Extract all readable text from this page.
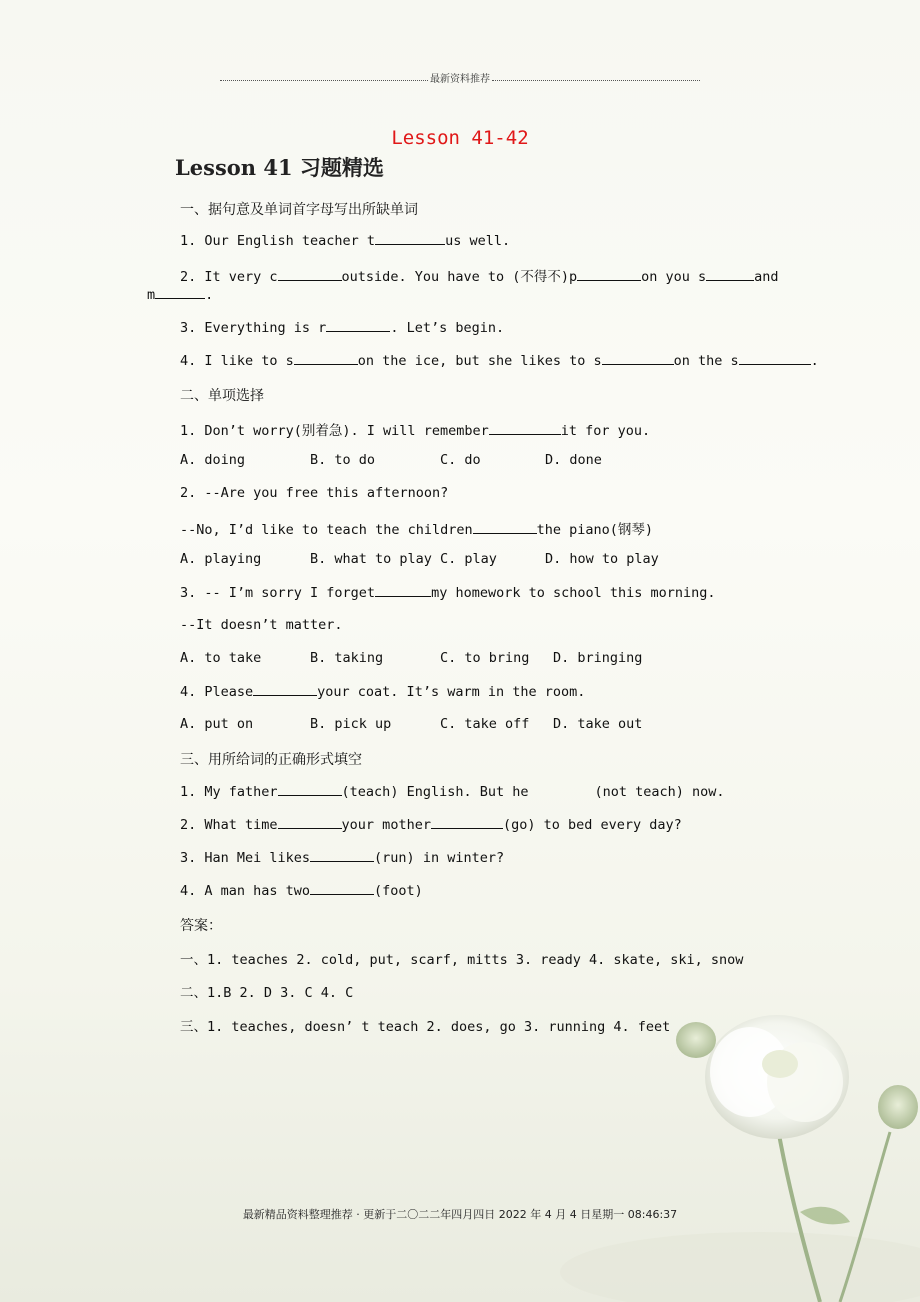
最新资料推荐
Lesson 41-42
Lesson 41 习题精选
一、据句意及单词首字母写出所缺单词
1. Our English teacher t	us well.
2. It very c	outside. You have to (不得不)p	on you s	and
m	.
3. Everything is r	. Let’s begin.
4. I like to s	on the ice, but she likes to s	on the s	.
二、单项选择
1. Don’t worry(别着急). I will remember	it for you.
A. doing	B. to do	C. do	D. done
2. --Are you free this afternoon?
--No, I’d like to teach the children	the piano(钢琴)
A. playing	B. what to play C. play	D. how to play
3. -- I’m sorry I forget	my homework to school this morning.
--It doesn’t matter.
A. to take	B. taking	C. to bring D. bringing
4. Please	your coat. It’s warm in the room.
A. put on	B. pick up	C. take off D. take out
三、用所给词的正确形式填空
1. My father	(teach) English. But he	(not teach) now.
2. What time	your mother	(go) to bed every day?
3. Han Mei likes	(run) in winter?
4. A man has two	(foot)
答案：
一、1. teaches 2. cold, put, scarf, mitts 3. ready 4. skate, ski, snow
二、1.B 2. D 3. C 4. C
三、1. teaches, doesn’ t teach 2. does, go 3. running 4. feet
最新精品资料整理推荐 · 更新于二〇二二年四月四日 2022 年 4 月 4 日星期一 08:46:37
